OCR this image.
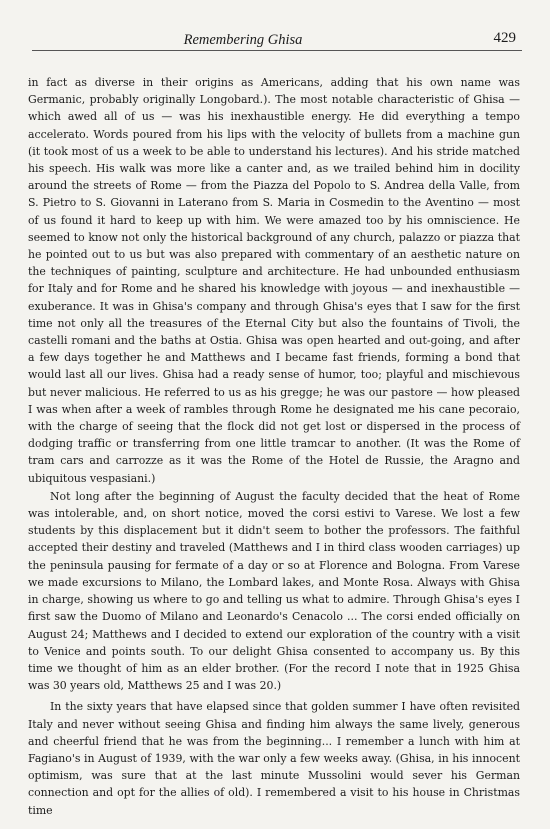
Remembering Ghisa	429

in fact as diverse in their origins as Americans, adding that his own name was Germanic, probably originally Longobard.). The most notable characteristic of Ghisa — which awed all of us — was his inexhaustible energy. He did everything a tempo accelerato. Words poured from his lips with the velocity of bullets from a machine gun (it took most of us a week to be able to understand his lectures). And his stride matched his speech. His walk was more like a canter and, as we trailed behind him in docility around the streets of Rome — from the Piazza del Popolo to S. Andrea della Valle, from S. Pietro to S. Giovanni in Laterano from S. Maria in Cosmedin to the Aventino — most of us found it hard to keep up with him. We were amazed too by his omniscience. He seemed to know not only the historical background of any church, palazzo or piazza that he pointed out to us but was also prepared with commentary of an aesthetic nature on the techniques of painting, sculpture and architecture. He had unbounded enthusiasm for Italy and for Rome and he shared his knowledge with joyous — and inexhaustible — exuberance. It was in Ghisa's company and through Ghisa's eyes that I saw for the first time not only all the treasures of the Eternal City but also the fountains of Tivoli, the castelli romani and the baths at Ostia. Ghisa was open hearted and out-going, and after a few days together he and Matthews and I became fast friends, forming a bond that would last all our lives. Ghisa had a ready sense of humor, too; playful and mischievous but never malicious. He referred to us as his gregge; he was our pastore — how pleased I was when after a week of rambles through Rome he designated me his cane pecoraio, with the charge of seeing that the flock did not get lost or dispersed in the process of dodging traffic or transferring from one little tramcar to another. (It was the Rome of tram cars and carrozze as it was the Rome of the Hotel de Russie, the Aragno and ubiquitous vespasiani.)

Not long after the beginning of August the faculty decided that the heat of Rome was intolerable, and, on short notice, moved the corsi estivi to Varese. We lost a few students by this displacement but it didn't seem to bother the professors. The faithful accepted their destiny and traveled (Matthews and I in third class wooden carriages) up the peninsula pausing for fermate of a day or so at Florence and Bologna. From Varese we made excursions to Milano, the Lombard lakes, and Monte Rosa. Always with Ghisa in charge, showing us where to go and telling us what to admire. Through Ghisa's eyes I first saw the Duomo of Milano and Leonardo's Cenacolo ... The corsi ended officially on August 24; Matthews and I decided to extend our exploration of the country with a visit to Venice and points south. To our delight Ghisa consented to accompany us. By this time we thought of him as an elder brother. (For the record I note that in 1925 Ghisa was 30 years old, Matthews 25 and I was 20.)

In the sixty years that have elapsed since that golden summer I have often revisited Italy and never without seeing Ghisa and finding him always the same lively, generous and cheerful friend that he was from the beginning... I remember a lunch with him at Fagiano's in August of 1939, with the war only a few weeks away. (Ghisa, in his innocent optimism, was sure that at the last minute Mussolini would sever his German connection and opt for the allies of old). I remembered a visit to his house in Christmas time
